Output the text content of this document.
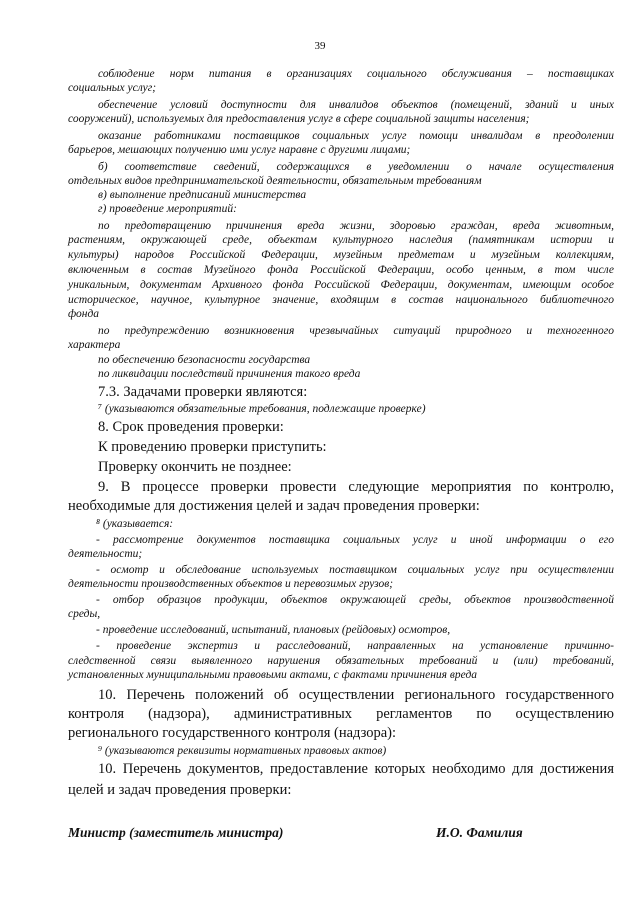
39
соблюдение норм питания в организациях социального обслуживания – поставщиках
социальных услуг;
обеспечение условий доступности для инвалидов объектов (помещений, зданий и иных
сооружений), используемых для предоставления услуг в сфере социальной защиты населения;
оказание работниками поставщиков социальных услуг помощи инвалидам в преодолении
барьеров, мешающих получению ими услуг наравне с другими лицами;
б) соответствие сведений, содержащихся в уведомлении о начале осуществления
отдельных видов предпринимательской деятельности, обязательным требованиям
в) выполнение предписаний министерства
г) проведение мероприятий:
по предотвращению причинения вреда жизни, здоровью граждан, вреда животным,
растениям, окружающей среде, объектам культурного наследия (памятникам истории и
культуры) народов Российской Федерации, музейным предметам и музейным коллекциям,
включенным в состав Музейного фонда Российской Федерации, особо ценным, в том числе
уникальным, документам Архивного фонда Российской Федерации, документам, имеющим особое
историческое, научное, культурное значение, входящим в состав национального библиотечного
фонда
по предупреждению возникновения чрезвычайных ситуаций природного и техногенного
характера
по обеспечению безопасности государства
по ликвидации последствий причинения такого вреда
7.3. Задачами проверки являются:
⁷ (указываются обязательные требования, подлежащие проверке)
8. Срок проведения проверки:
К проведению проверки приступить:
Проверку окончить не позднее:
9. В процессе проверки провести следующие мероприятия по контролю,
необходимые для достижения целей и задач проведения проверки:
⁸ (указывается:
- рассмотрение документов поставщика социальных услуг и иной информации о его
деятельности;
- осмотр и обследование используемых поставщиком социальных услуг при осуществлении
деятельности производственных объектов и перевозимых грузов;
- отбор образцов продукции, объектов окружающей среды, объектов производственной
среды,
- проведение исследований, испытаний, плановых (рейдовых) осмотров,
- проведение экспертиз и расследований, направленных на установление причинно-
следственной связи выявленного нарушения обязательных требований и (или) требований,
установленных муниципальными правовыми актами, с фактами причинения вреда
10. Перечень положений об осуществлении регионального государственного
контроля (надзора), административных регламентов по осуществлению
регионального государственного контроля (надзора):
⁹ (указываются реквизиты нормативных правовых актов)
10. Перечень документов, предоставление которых необходимо для достижения
целей и задач проведения проверки:
Министр (заместитель министра)	И.О. Фамилия
